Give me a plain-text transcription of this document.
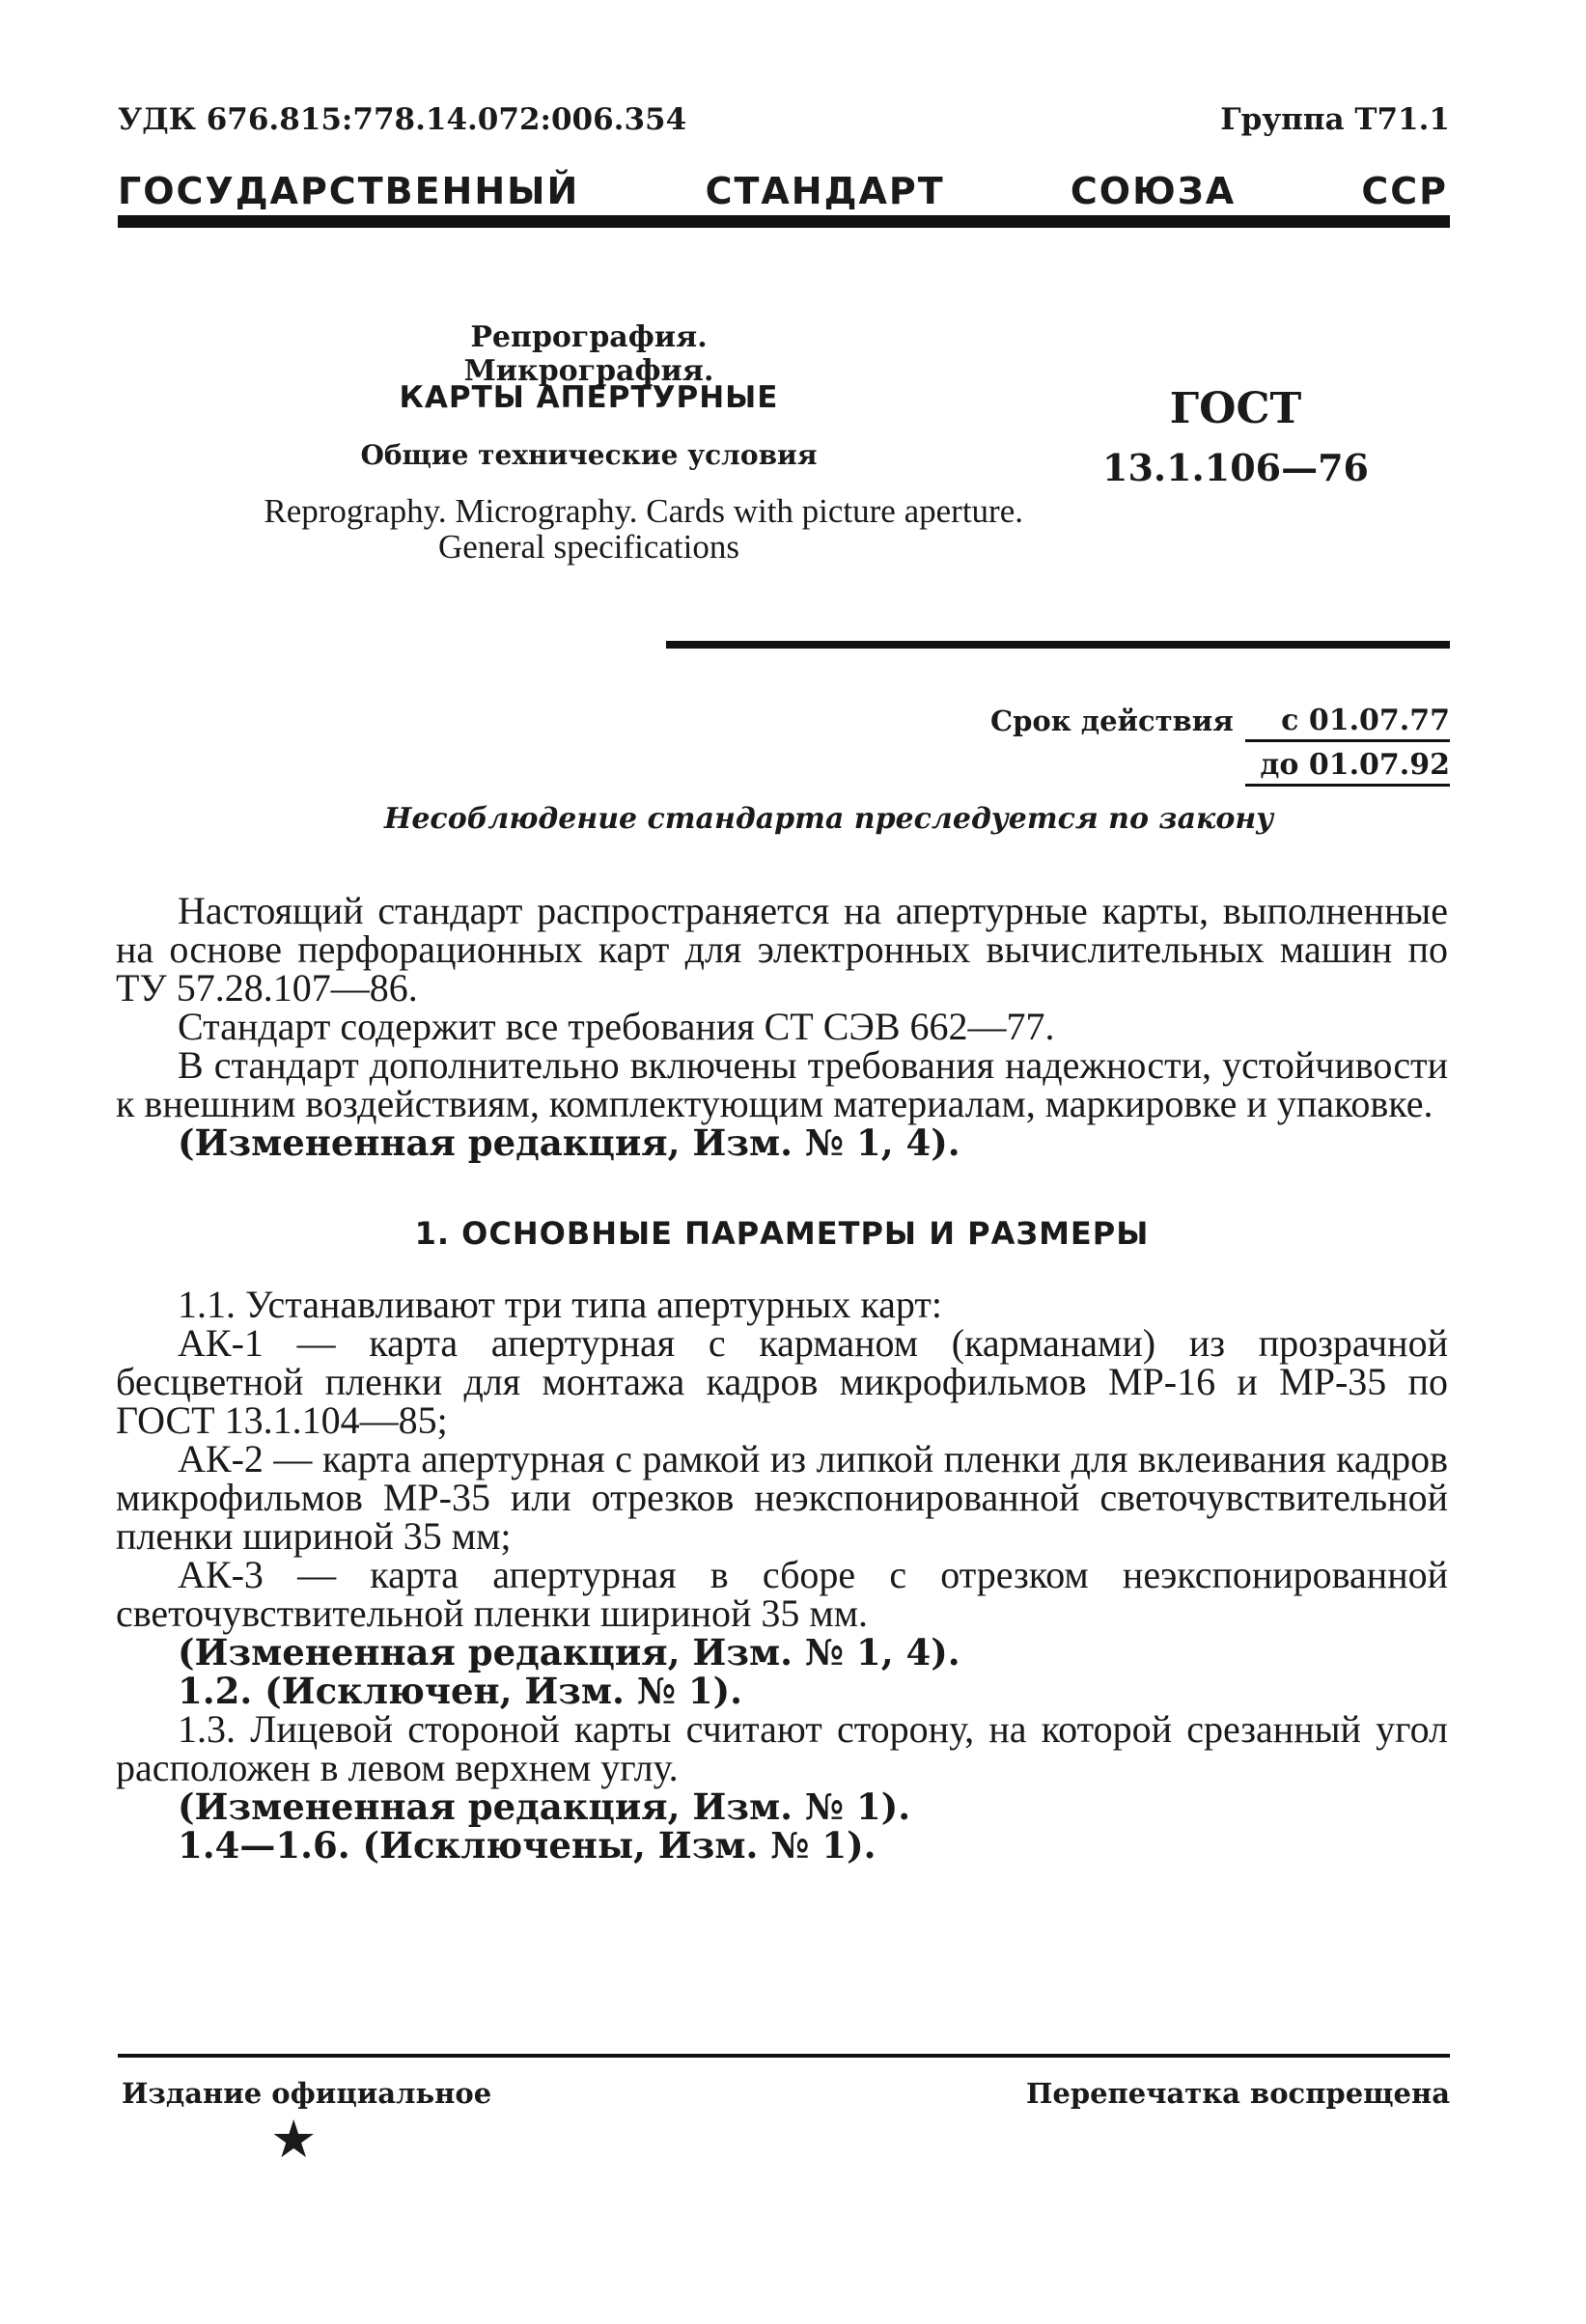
УДК 676.815:778.14.072:006.354	Группа Т71.1
ГОСУДАРСТВЕННЫЙ СТАНДАРТ СОЮЗА ССР
Репрография. Микрография.
КАРТЫ АПЕРТУРНЫЕ
Общие технические условия
Reprography. Micrography. Cards with picture aperture.
General specifications
ГОСТ
13.1.106—76
Срок действия	с 01.07.77
до 01.07.92
Несоблюдение стандарта преследуется по закону

Настоящий стандарт распространяется на апертурные карты, выполненные на основе перфорационных карт для электронных вычислительных машин по ТУ 57.28.107—86.

Стандарт содержит все требования СТ СЭВ 662—77.

В стандарт дополнительно включены требования надежности, устойчивости к внешним воздействиям, комплектующим материалам, маркировке и упаковке.

(Измененная редакция, Изм. № 1, 4).

1. ОСНОВНЫЕ ПАРАМЕТРЫ И РАЗМЕРЫ

1.1. Устанавливают три типа апертурных карт:

АК-1 — карта апертурная с карманом (карманами) из прозрачной бесцветной пленки для монтажа кадров микрофильмов МР-16 и МР-35 по ГОСТ 13.1.104—85;

АК-2 — карта апертурная с рамкой из липкой пленки для вклеивания кадров микрофильмов МР-35 или отрезков неэкспонированной светочувствительной пленки шириной 35 мм;

АК-3 — карта апертурная в сборе с отрезком неэкспонированной светочувствительной пленки шириной 35 мм.

(Измененная редакция, Изм. № 1, 4).

1.2. (Исключен, Изм. № 1).

1.3. Лицевой стороной карты считают сторону, на которой срезанный угол расположен в левом верхнем углу.

(Измененная редакция, Изм. № 1).

1.4—1.6. (Исключены, Изм. № 1).

Издание официальное	Перепечатка воспрещена
★
